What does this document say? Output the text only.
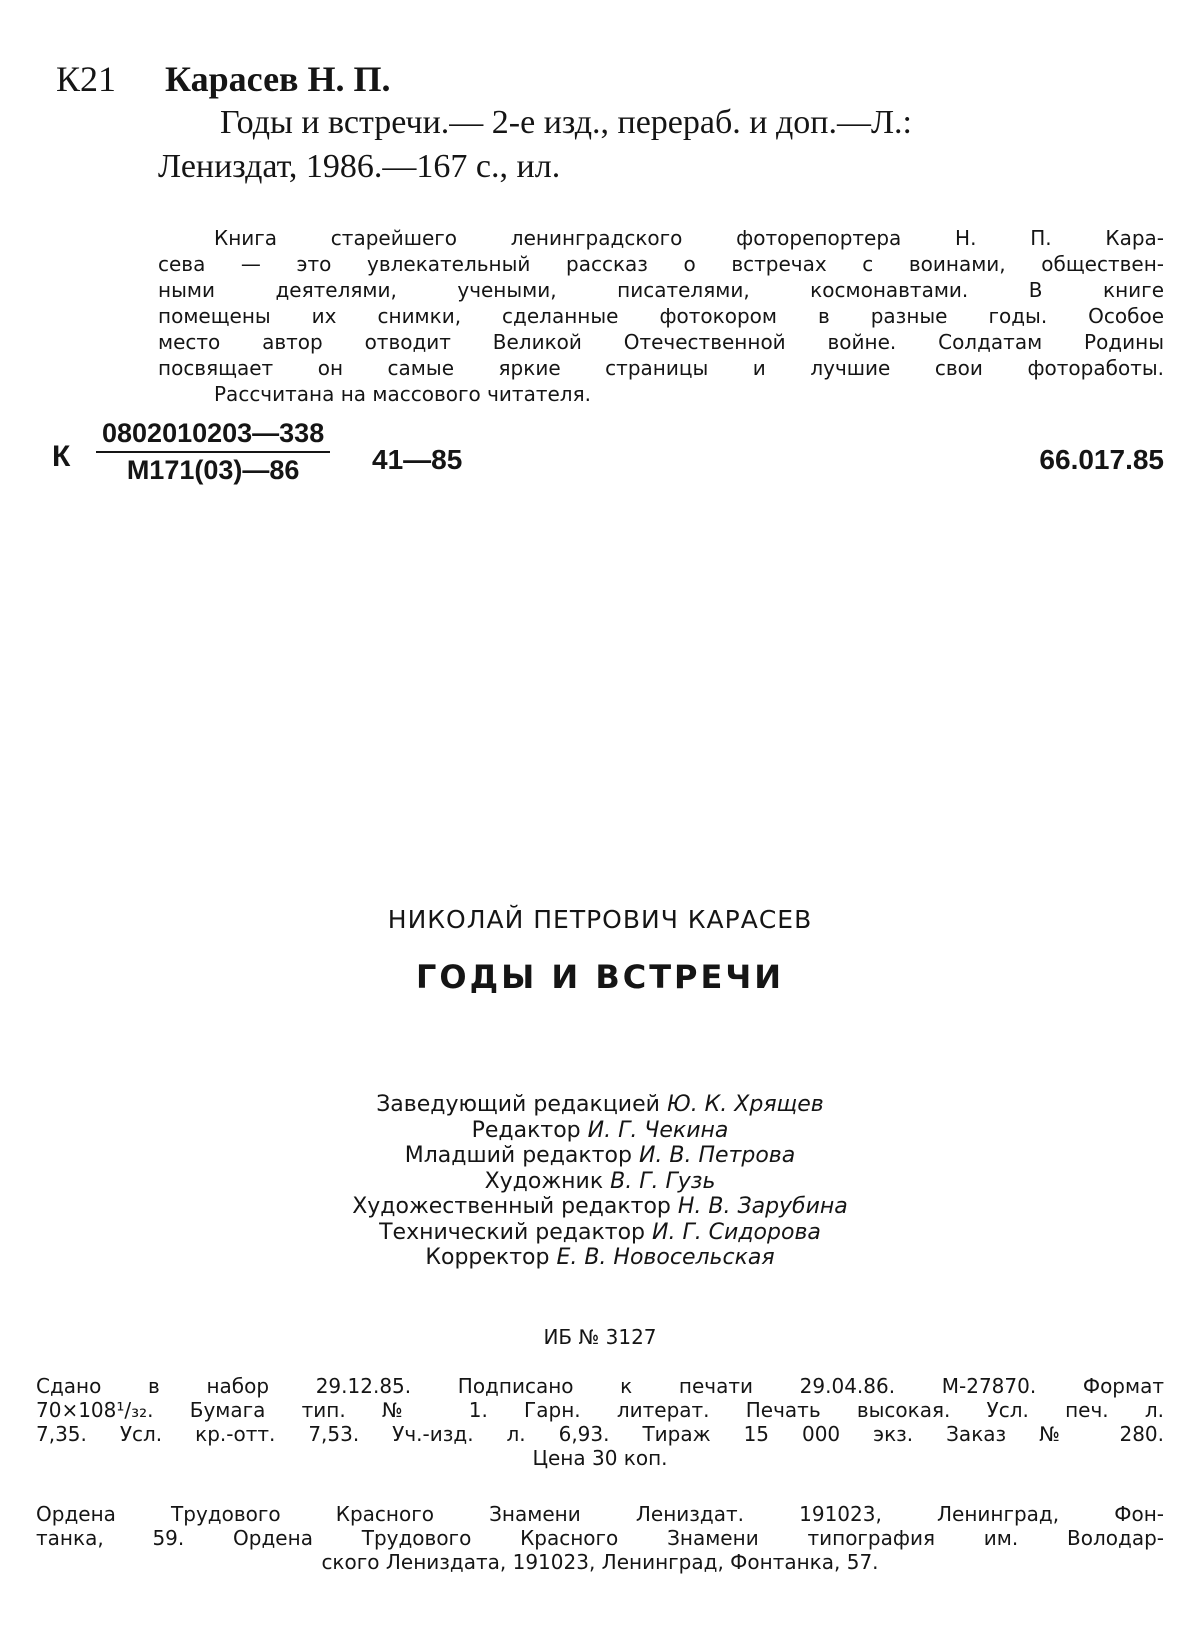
К21 Карасев Н. П.
Годы и встречи.— 2-е изд., перераб. и доп.—Л.:
Лениздат, 1986.—167 с., ил.
Книга старейшего ленинградского фоторепортера Н. П. Кара-
сева — это увлекательный рассказ о встречах с воинами, обществен-
ными деятелями, учеными, писателями, космонавтами. В книге
помещены их снимки, сделанные фотокором в разные годы. Особое
место автор отводит Великой Отечественной войне. Солдатам Родины
посвящает он самые яркие страницы и лучшие свои фотоработы.
Рассчитана на массового читателя.
К
0802010203—338
М171(03)—86	41—85	66.017.85
НИКОЛАЙ ПЕТРОВИЧ КАРАСЕВ
ГОДЫ И ВСТРЕЧИ
Заведующий редакцией Ю. К. Хрящев
Редактор И. Г. Чекина
Младший редактор И. В. Петрова
Художник В. Г. Гузь
Художественный редактор Н. В. Зарубина
Технический редактор И. Г. Сидорова
Корректор Е. В. Новосельская
ИБ № 3127
Сдано в набор 29.12.85. Подписано к печати 29.04.86. М-27870. Формат
70×108¹/₃₂. Бумага тип. № 1. Гарн. литерат. Печать высокая. Усл. печ. л.
7,35. Усл. кр.-отт. 7,53. Уч.-изд. л. 6,93. Тираж 15 000 экз. Заказ № 280.
Цена 30 коп.
Ордена Трудового Красного Знамени Лениздат. 191023, Ленинград, Фон-
танка, 59. Ордена Трудового Красного Знамени типография им. Володар-
ского Лениздата, 191023, Ленинград, Фонтанка, 57.
